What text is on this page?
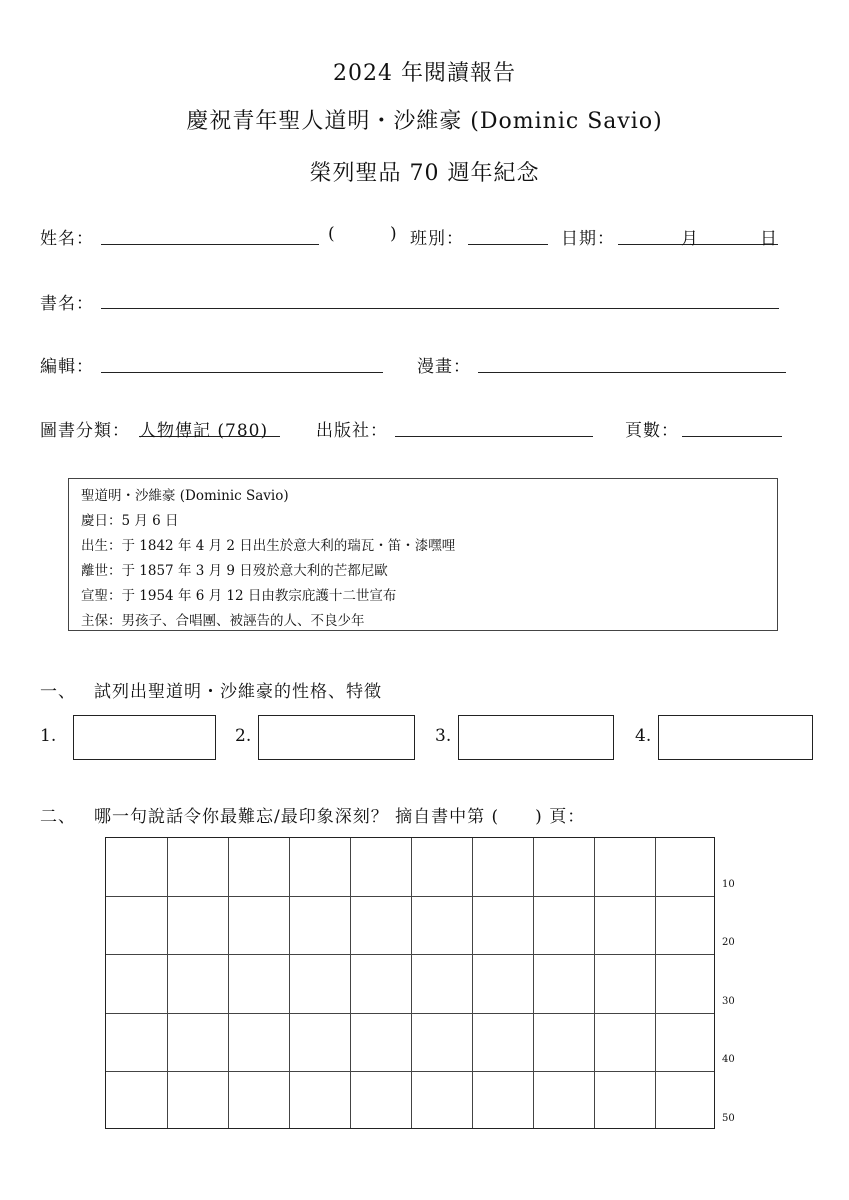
2024 年閱讀報告
慶祝青年聖人道明・沙維豪 (Dominic Savio)
榮列聖品 70 週年紀念
姓名：	(	) 班別：	日期：	月	日
書名：
編輯：	漫畫：
圖書分類： 人物傳記 (780)	出版社：	頁數：
聖道明・沙維豪 (Dominic Savio)
慶日：5 月 6 日
出生：于 1842 年 4 月 2 日出生於意大利的瑞瓦・笛・漆嘿哩
離世：于 1857 年 3 月 9 日歿於意大利的芒都尼歐
宣聖：于 1954 年 6 月 12 日由教宗庇護十二世宣布
主保：男孩子、合唱團、被誣告的人、不良少年
一、 試列出聖道明・沙維豪的性格、特徵
1.	2.	3.	4.
二、 哪一句說話令你最難忘/最印象深刻？ 摘自書中第 (　　) 頁：
10
20
30
40
50
